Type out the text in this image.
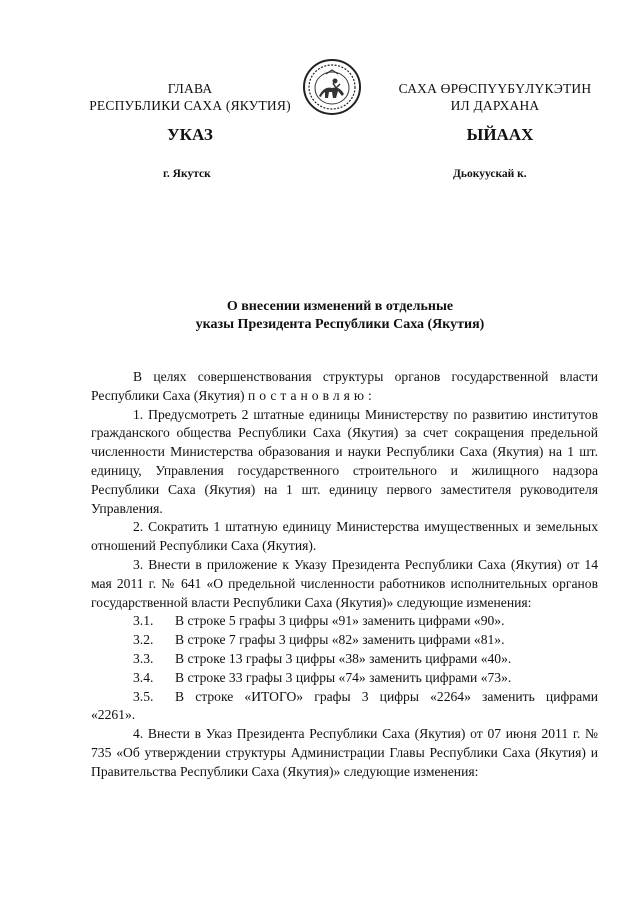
ГЛАВА
РЕСПУБЛИКИ САХА (ЯКУТИЯ)
САХА ӨРӨСПҮҮБҮЛҮКЭТИН
ИЛ ДАРХАНА
УКАЗ	ЫЙААХ
г. Якутск	Дьокуускай к.
О внесении изменений в отдельные
указы Президента Республики Саха (Якутия)

В целях совершенствования структуры органов государственной власти Республики Саха (Якутия) постановляю:

1. Предусмотреть 2 штатные единицы Министерству по развитию институтов гражданского общества Республики Саха (Якутия) за счет сокращения предельной численности Министерства образования и науки Республики Саха (Якутия) на 1 шт. единицу, Управления государственного строительного и жилищного надзора Республики Саха (Якутия) на 1 шт. единицу первого заместителя руководителя Управления.

2. Сократить 1 штатную единицу Министерства имущественных и земельных отношений Республики Саха (Якутия).

3. Внести в приложение к Указу Президента Республики Саха (Якутия) от 14 мая 2011 г. № 641 «О предельной численности работников исполнительных органов государственной власти Республики Саха (Якутия)» следующие изменения:

3.1. В строке 5 графы 3 цифры «91» заменить цифрами «90».

3.2. В строке 7 графы 3 цифры «82» заменить цифрами «81».

3.3. В строке 13 графы 3 цифры «38» заменить цифрами «40».

3.4. В строке 33 графы 3 цифры «74» заменить цифрами «73».

3.5. В строке «ИТОГО» графы 3 цифры «2264» заменить цифрами

«2261».

4. Внести в Указ Президента Республики Саха (Якутия) от 07 июня 2011 г. № 735 «Об утверждении структуры Администрации Главы Республики Саха (Якутия) и Правительства Республики Саха (Якутия)» следующие изменения:
